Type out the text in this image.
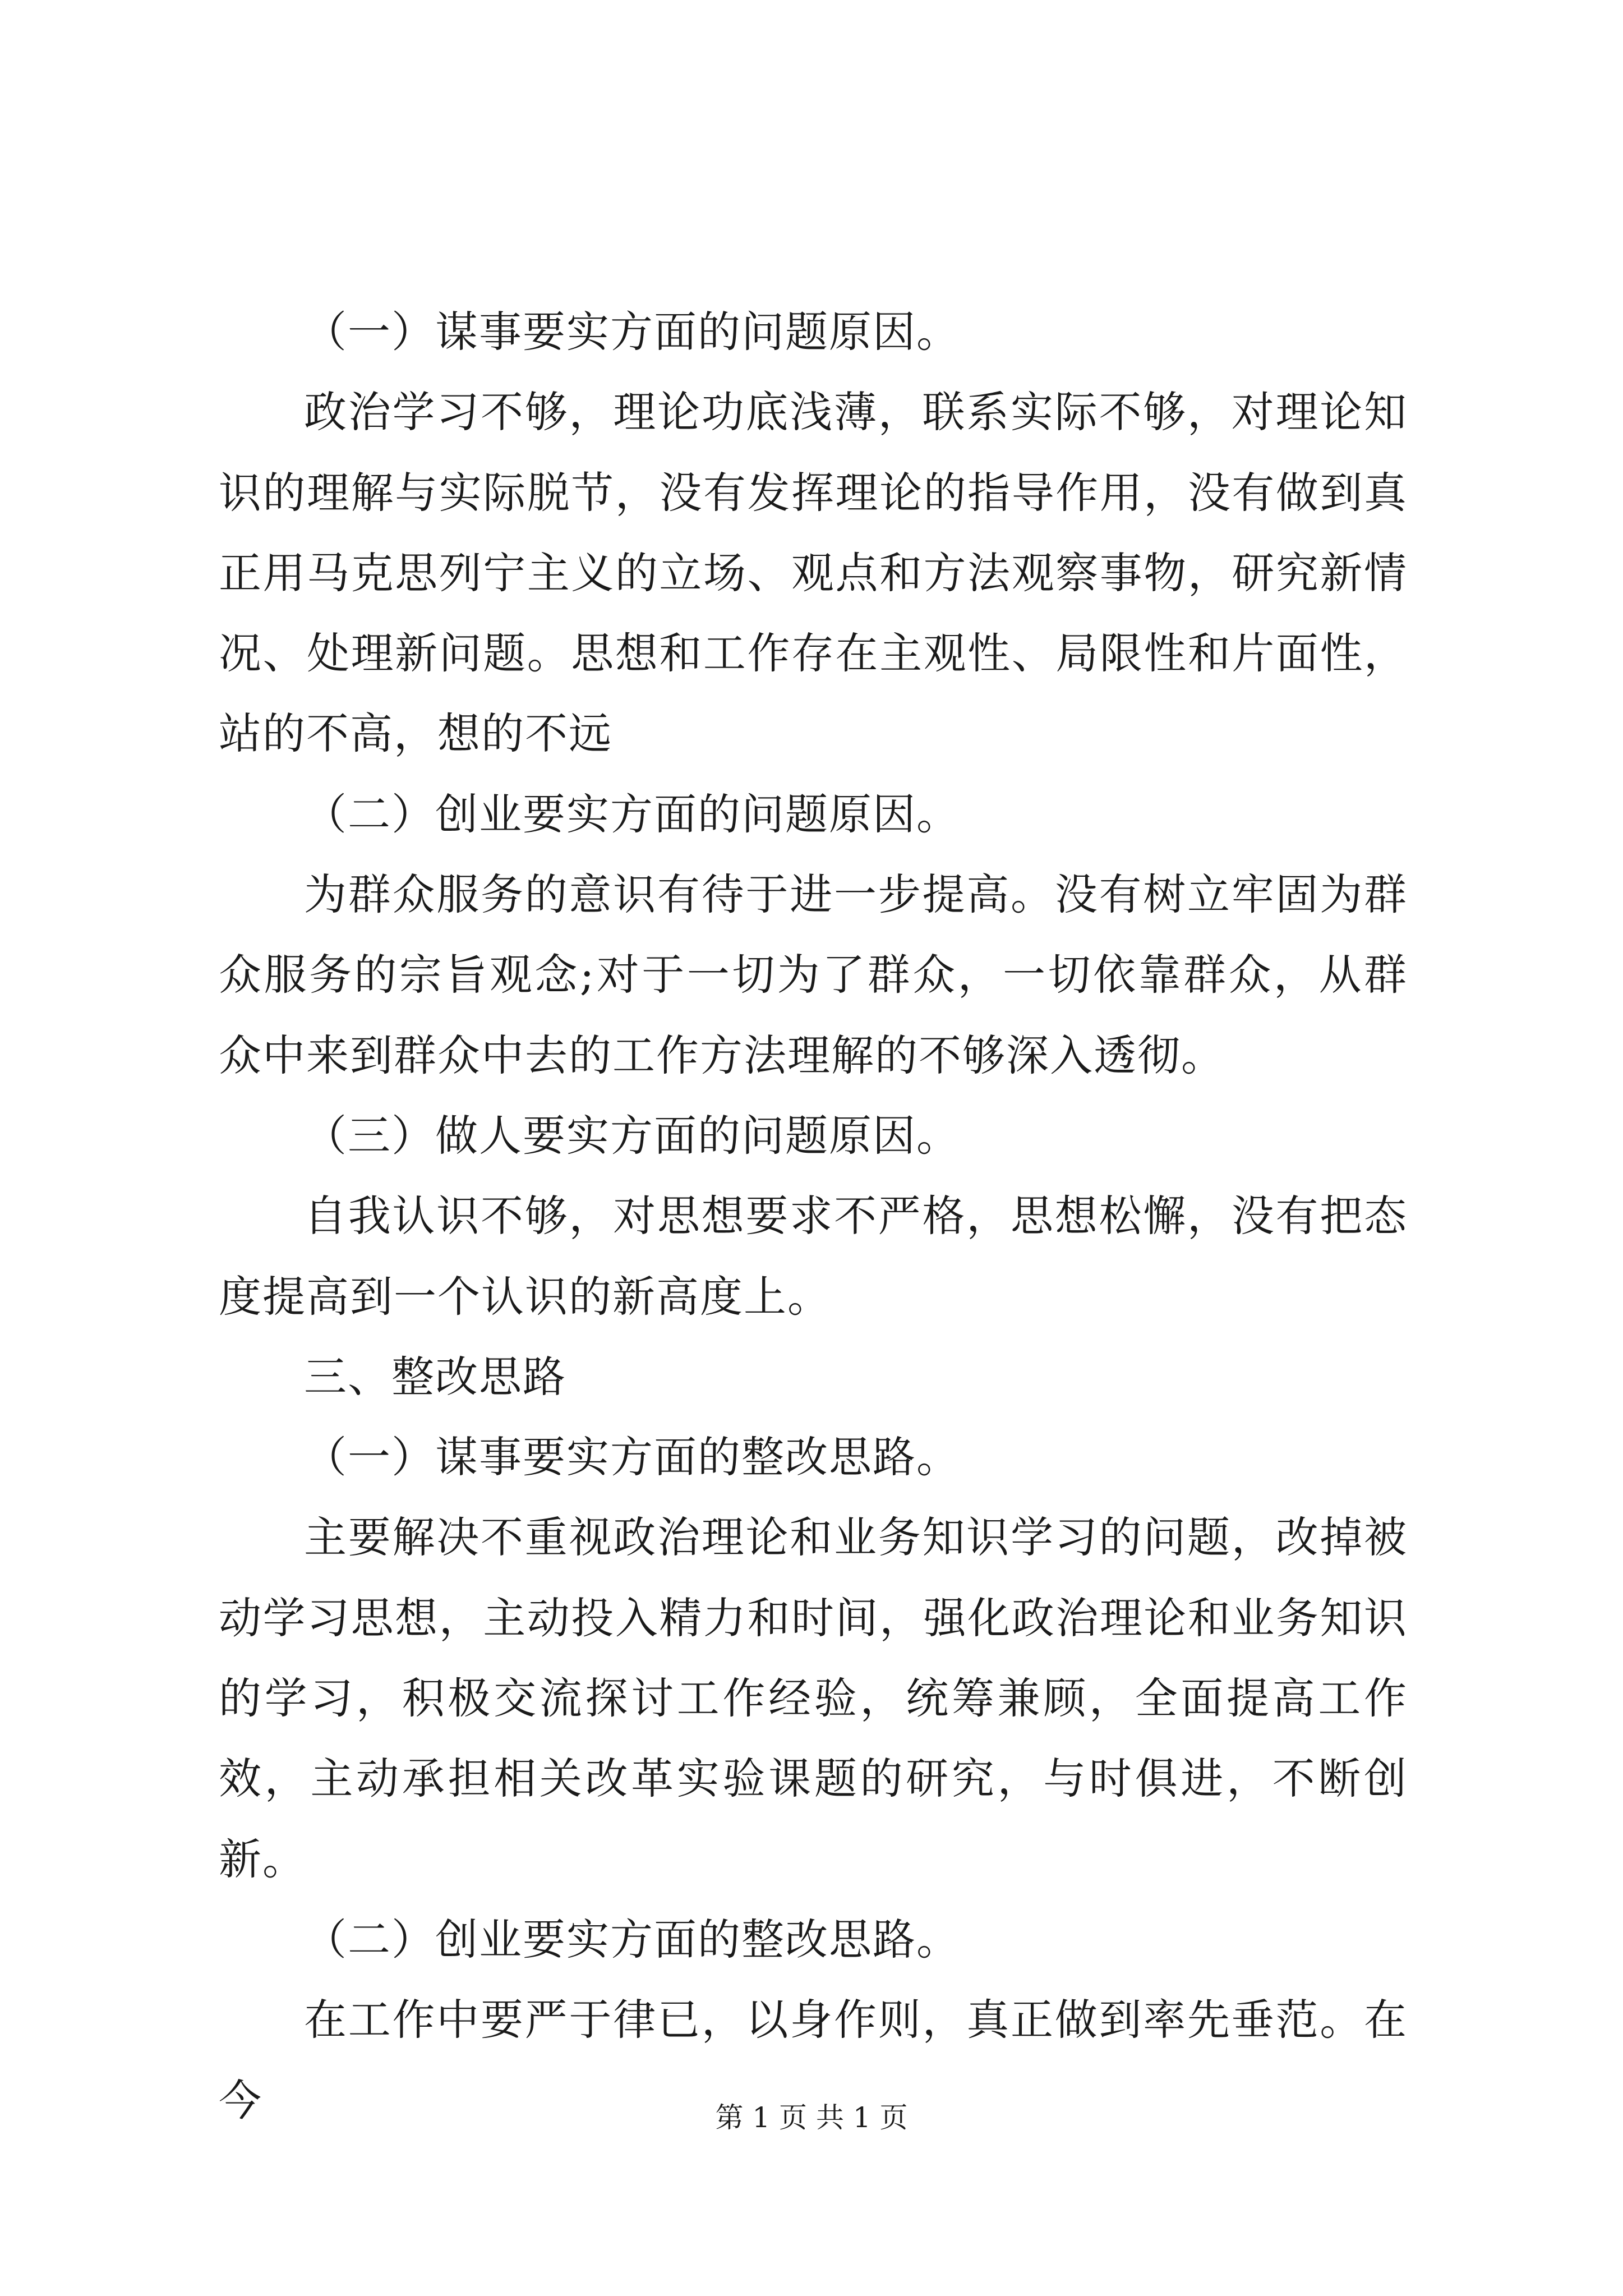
（一）谋事要实方面的问题原因。

政治学习不够，理论功底浅薄，联系实际不够，对理论知识的理解与实际脱节，没有发挥理论的指导作用，没有做到真正用马克思列宁主义的立场、观点和方法观察事物，研究新情况、处理新问题。思想和工作存在主观性、局限性和片面性，站的不高，想的不远

（二）创业要实方面的问题原因。

为群众服务的意识有待于进一步提高。没有树立牢固为群众服务的宗旨观念;对于一切为了群众，一切依靠群众，从群众中来到群众中去的工作方法理解的不够深入透彻。

（三）做人要实方面的问题原因。

自我认识不够，对思想要求不严格，思想松懈，没有把态度提高到一个认识的新高度上。

三、整改思路

（一）谋事要实方面的整改思路。

主要解决不重视政治理论和业务知识学习的问题，改掉被动学习思想，主动投入精力和时间，强化政治理论和业务知识的学习，积极交流探讨工作经验，统筹兼顾，全面提高工作效，主动承担相关改革实验课题的研究，与时俱进，不断创新。

（二）创业要实方面的整改思路。

在工作中要严于律已，以身作则，真正做到率先垂范。在今	第 1 页 共 1 页
